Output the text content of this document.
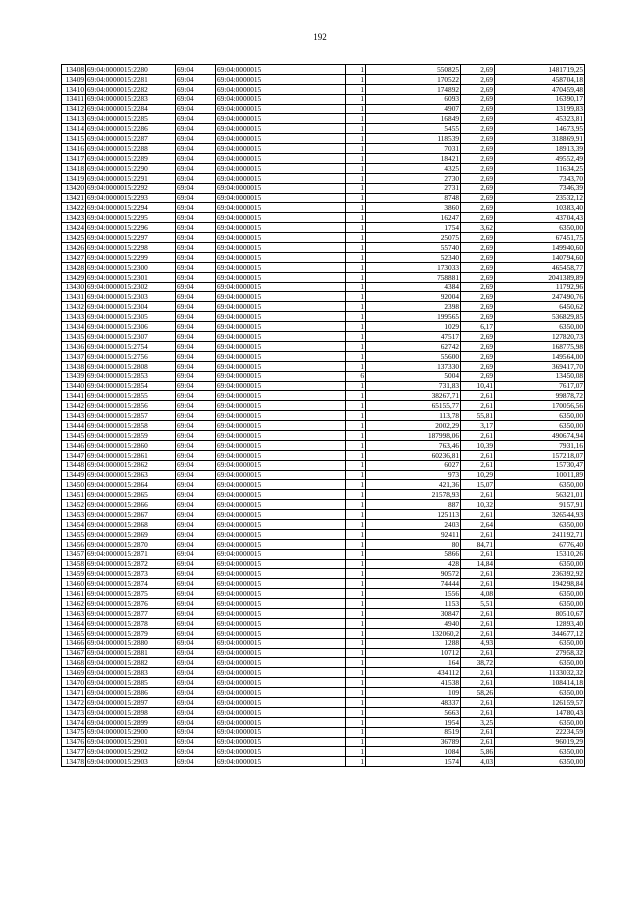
192
13408	69:04:0000015:2280	69:04	69:04:0000015	1	550825	2,69	1481719,25
13409	69:04:0000015:2281	69:04	69:04:0000015	1	170522	2,69	458704,18
13410	69:04:0000015:2282	69:04	69:04:0000015	1	174892	2,69	470459,48
13411	69:04:0000015:2283	69:04	69:04:0000015	1	6093	2,69	16390,17
13412	69:04:0000015:2284	69:04	69:04:0000015	1	4907	2,69	13199,83
13413	69:04:0000015:2285	69:04	69:04:0000015	1	16849	2,69	45323,81
13414	69:04:0000015:2286	69:04	69:04:0000015	1	5455	2,69	14673,95
13415	69:04:0000015:2287	69:04	69:04:0000015	1	118539	2,69	318869,91
13416	69:04:0000015:2288	69:04	69:04:0000015	1	7031	2,69	18913,39
13417	69:04:0000015:2289	69:04	69:04:0000015	1	18421	2,69	49552,49
13418	69:04:0000015:2290	69:04	69:04:0000015	1	4325	2,69	11634,25
13419	69:04:0000015:2291	69:04	69:04:0000015	1	2730	2,69	7343,70
13420	69:04:0000015:2292	69:04	69:04:0000015	1	2731	2,69	7346,39
13421	69:04:0000015:2293	69:04	69:04:0000015	1	8748	2,69	23532,12
13422	69:04:0000015:2294	69:04	69:04:0000015	1	3860	2,69	10383,40
13423	69:04:0000015:2295	69:04	69:04:0000015	1	16247	2,69	43704,43
13424	69:04:0000015:2296	69:04	69:04:0000015	1	1754	3,62	6350,00
13425	69:04:0000015:2297	69:04	69:04:0000015	1	25075	2,69	67451,75
13426	69:04:0000015:2298	69:04	69:04:0000015	1	55740	2,69	149940,60
13427	69:04:0000015:2299	69:04	69:04:0000015	1	52340	2,69	140794,60
13428	69:04:0000015:2300	69:04	69:04:0000015	1	173033	2,69	465458,77
13429	69:04:0000015:2301	69:04	69:04:0000015	1	758881	2,69	2041389,89
13430	69:04:0000015:2302	69:04	69:04:0000015	1	4384	2,69	11792,96
13431	69:04:0000015:2303	69:04	69:04:0000015	1	92004	2,69	247490,76
13432	69:04:0000015:2304	69:04	69:04:0000015	1	2398	2,69	6450,62
13433	69:04:0000015:2305	69:04	69:04:0000015	1	199565	2,69	536829,85
13434	69:04:0000015:2306	69:04	69:04:0000015	1	1029	6,17	6350,00
13435	69:04:0000015:2307	69:04	69:04:0000015	1	47517	2,69	127820,73
13436	69:04:0000015:2754	69:04	69:04:0000015	1	62742	2,69	168775,98
13437	69:04:0000015:2756	69:04	69:04:0000015	1	55600	2,69	149564,00
13438	69:04:0000015:2808	69:04	69:04:0000015	1	137330	2,69	369417,70
13439	69:04:0000015:2853	69:04	69:04:0000015	6	5004	2,69	13450,08
13440	69:04:0000015:2854	69:04	69:04:0000015	1	731,83	10,41	7617,07
13441	69:04:0000015:2855	69:04	69:04:0000015	1	38267,71	2,61	99878,72
13442	69:04:0000015:2856	69:04	69:04:0000015	1	65155,77	2,61	170056,56
13443	69:04:0000015:2857	69:04	69:04:0000015	1	113,78	55,81	6350,00
13444	69:04:0000015:2858	69:04	69:04:0000015	1	2002,29	3,17	6350,00
13445	69:04:0000015:2859	69:04	69:04:0000015	1	187998,06	2,61	490674,94
13446	69:04:0000015:2860	69:04	69:04:0000015	1	763,46	10,39	7931,16
13447	69:04:0000015:2861	69:04	69:04:0000015	1	60236,81	2,61	157218,07
13448	69:04:0000015:2862	69:04	69:04:0000015	1	6027	2,61	15730,47
13449	69:04:0000015:2863	69:04	69:04:0000015	1	973	10,29	10011,89
13450	69:04:0000015:2864	69:04	69:04:0000015	1	421,36	15,07	6350,00
13451	69:04:0000015:2865	69:04	69:04:0000015	1	21578,93	2,61	56321,01
13452	69:04:0000015:2866	69:04	69:04:0000015	1	887	10,32	9157,91
13453	69:04:0000015:2867	69:04	69:04:0000015	1	125113	2,61	326544,93
13454	69:04:0000015:2868	69:04	69:04:0000015	1	2403	2,64	6350,00
13455	69:04:0000015:2869	69:04	69:04:0000015	1	92411	2,61	241192,71
13456	69:04:0000015:2870	69:04	69:04:0000015	1	80	84,71	6776,40
13457	69:04:0000015:2871	69:04	69:04:0000015	1	5866	2,61	15310,26
13458	69:04:0000015:2872	69:04	69:04:0000015	1	428	14,84	6350,00
13459	69:04:0000015:2873	69:04	69:04:0000015	1	90572	2,61	236392,92
13460	69:04:0000015:2874	69:04	69:04:0000015	1	74444	2,61	194298,84
13461	69:04:0000015:2875	69:04	69:04:0000015	1	1556	4,08	6350,00
13462	69:04:0000015:2876	69:04	69:04:0000015	1	1153	5,51	6350,00
13463	69:04:0000015:2877	69:04	69:04:0000015	1	30847	2,61	80510,67
13464	69:04:0000015:2878	69:04	69:04:0000015	1	4940	2,61	12893,40
13465	69:04:0000015:2879	69:04	69:04:0000015	1	132060,2	2,61	344677,12
13466	69:04:0000015:2880	69:04	69:04:0000015	1	1288	4,93	6350,00
13467	69:04:0000015:2881	69:04	69:04:0000015	1	10712	2,61	27958,32
13468	69:04:0000015:2882	69:04	69:04:0000015	1	164	38,72	6350,00
13469	69:04:0000015:2883	69:04	69:04:0000015	1	434112	2,61	1133032,32
13470	69:04:0000015:2885	69:04	69:04:0000015	1	41538	2,61	108414,18
13471	69:04:0000015:2886	69:04	69:04:0000015	1	109	58,26	6350,00
13472	69:04:0000015:2897	69:04	69:04:0000015	1	48337	2,61	126159,57
13473	69:04:0000015:2898	69:04	69:04:0000015	1	5663	2,61	14780,43
13474	69:04:0000015:2899	69:04	69:04:0000015	1	1954	3,25	6350,00
13475	69:04:0000015:2900	69:04	69:04:0000015	1	8519	2,61	22234,59
13476	69:04:0000015:2901	69:04	69:04:0000015	1	36789	2,61	96019,29
13477	69:04:0000015:2902	69:04	69:04:0000015	1	1084	5,86	6350,00
13478	69:04:0000015:2903	69:04	69:04:0000015	1	1574	4,03	6350,00
